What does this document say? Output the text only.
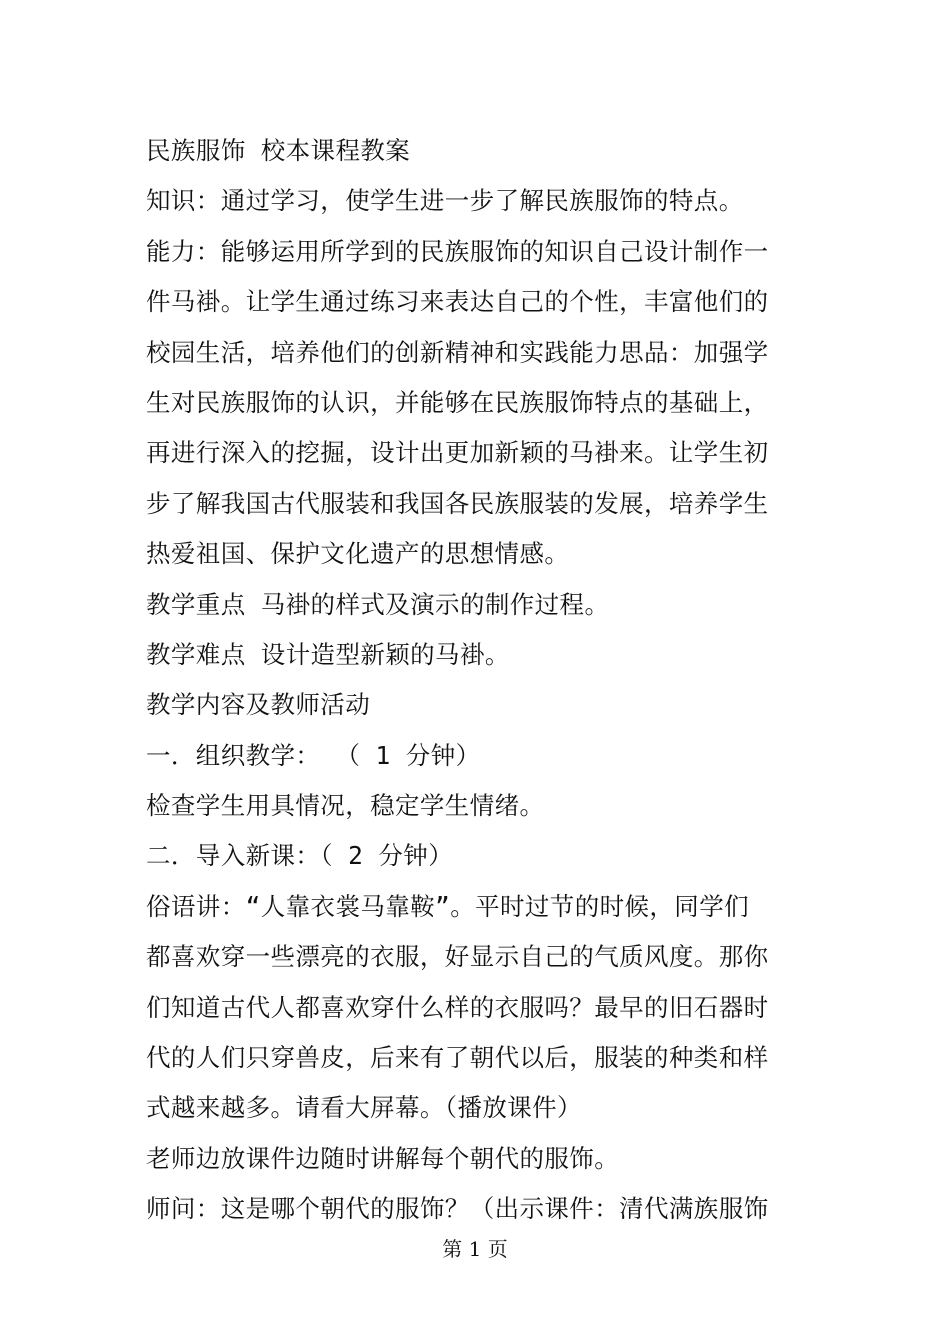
民族服饰 校本课程教案
知识：通过学习，使学生进一步了解民族服饰的特点。
能力：能够运用所学到的民族服饰的知识自己设计制作一
件马褂。让学生通过练习来表达自己的个性，丰富他们的
校园生活，培养他们的创新精神和实践能力思品：加强学
生对民族服饰的认识，并能够在民族服饰特点的基础上，
再进行深入的挖掘，设计出更加新颖的马褂来。让学生初
步了解我国古代服装和我国各民族服装的发展，培养学生
热爱祖国、保护文化遗产的思想情感。
教学重点 马褂的样式及演示的制作过程。
教学难点 设计造型新颖的马褂。
教学内容及教师活动
一．组织教学： （ 1 分钟）
检查学生用具情况，稳定学生情绪。
二．导入新课：（ 2 分钟）
俗语讲：“人靠衣裳马靠鞍”。平时过节的时候，同学们
都喜欢穿一些漂亮的衣服，好显示自己的气质风度。那你
们知道古代人都喜欢穿什么样的衣服吗？最早的旧石器时
代的人们只穿兽皮，后来有了朝代以后，服装的种类和样
式越来越多。请看大屏幕。（播放课件）
老师边放课件边随时讲解每个朝代的服饰。
师问：这是哪个朝代的服饰？（出示课件：清代满族服饰
第 1 页
